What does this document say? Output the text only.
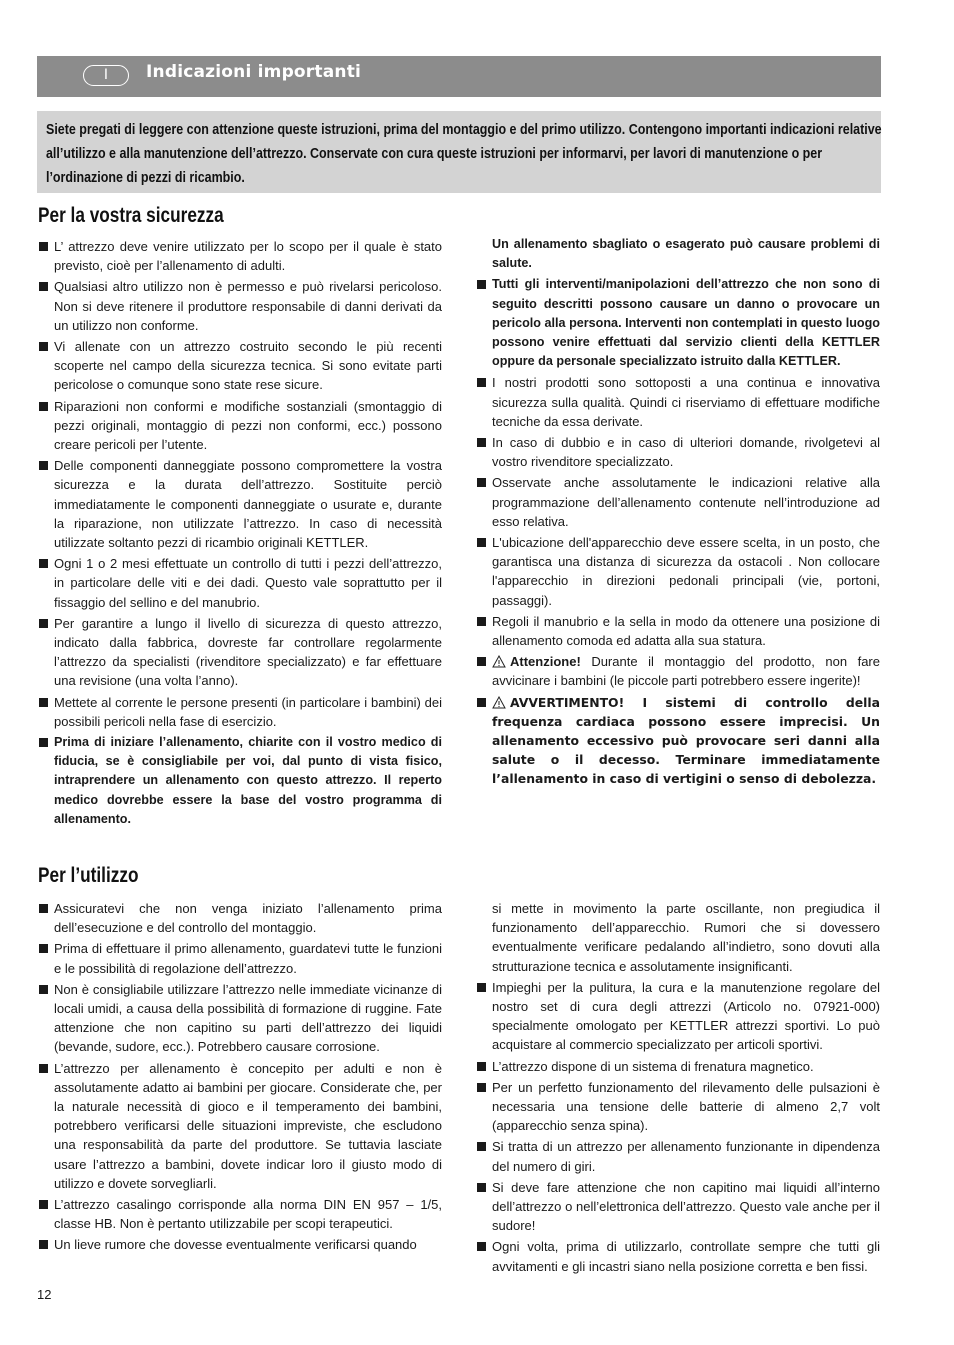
I	Indicazioni importanti

Siete pregati di leggere con attenzione queste istruzioni, prima del montaggio e del primo utilizzo. Contengono importanti indicazioni relative all’utilizzo e alla manutenzione dell’attrezzo. Conservate con cura queste istruzioni per informarvi, per lavori di manutenzione o per l’ordinazione di pezzi di ricambio.

Per la vostra sicurezza
L’ attrezzo deve venire utilizzato per lo scopo per il quale è stato previsto, cioè per l’allenamento di adulti.
Qualsiasi altro utilizzo non è permesso e può rivelarsi pericoloso. Non si deve ritenere il produttore responsabile di danni derivati da un utilizzo non conforme.
Vi allenate con un attrezzo costruito secondo le più recenti scoperte nel campo della sicurezza tecnica. Si sono evitate parti pericolose o comunque sono state rese sicure.
Riparazioni non conformi e modifiche sostanziali (smontaggio di pezzi originali, montaggio di pezzi non conformi, ecc.) possono creare pericoli per l’utente.
Delle componenti danneggiate possono compromettere la vostra sicurezza e la durata dell’attrezzo. Sostituite perciò immediatamente le componenti danneggiate o usurate e, durante la riparazione, non utilizzate l’attrezzo. In caso di necessità utilizzate soltanto pezzi di ricambio originali KETTLER.
Ogni 1 o 2 mesi effettuate un controllo di tutti i pezzi dell’attrezzo, in particolare delle viti e dei dadi. Questo vale soprattutto per il fissaggio del sellino e del manubrio.
Per garantire a lungo il livello di sicurezza di questo attrezzo, indicato dalla fabbrica, dovreste far controllare regolarmente l’attrezzo da specialisti (rivenditore specializzato) e far effettuare una revisione (una volta l’anno).
Mettete al corrente le persone presenti (in particolare i bambini) dei possibili pericoli nella fase di esercizio.
Prima di iniziare l’allenamento, chiarite con il vostro medico di fiducia, se è consigliabile per voi, dal punto di vista fisico, intraprendere un allenamento con questo attrezzo. Il reperto medico dovrebbe essere la base del vostro programma di allenamento.
Un allenamento sbagliato o esagerato può causare problemi di salute.
Tutti gli interventi/manipolazioni dell’attrezzo che non sono di seguito descritti possono causare un danno o provocare un pericolo alla persona. Interventi non contemplati in questo luogo possono venire effettuati dal servizio clienti della KETTLER oppure da personale specializzato istruito dalla KETTLER.
I nostri prodotti sono sottoposti a una continua e innovativa sicurezza sulla qualità. Quindi ci riserviamo di effettuare modifiche tecniche da essa derivate.
In caso di dubbio e in caso di ulteriori domande, rivolgetevi al vostro rivenditore specializzato.
Osservate anche assolutamente le indicazioni relative alla programmazione dell’allenamento contenute nell’introduzione ad esso relativa.
L'ubicazione dell'apparecchio deve essere scelta, in un posto, che garantisca una distanza di sicurezza da ostacoli . Non collocare l'apparecchio in direzioni pedonali principali (vie, portoni, passaggi).
Regoli il manubrio e la sella in modo da ottenere una posizione di allenamento comoda ed adatta alla sua statura.
Attenzione! Durante il montaggio del prodotto, non fare avvicinare i bambini (le piccole parti potrebbero essere ingerite)!
AVVERTIMENTO! I sistemi di controllo della frequenza cardiaca possono essere imprecisi. Un allenamento eccessivo può provocare seri danni alla salute o il decesso. Terminare immediatamente l’allenamento in caso di vertigini o senso di debolezza.
Per l’utilizzo
Assicuratevi che non venga iniziato l’allenamento prima dell’esecuzione e del controllo del montaggio.
Prima di effettuare il primo allenamento, guardatevi tutte le funzioni e le possibilità di regolazione dell’attrezzo.
Non è consigliabile utilizzare l’attrezzo nelle immediate vicinanze di locali umidi, a causa della possibilità di formazione di ruggine. Fate attenzione che non capitino su parti dell’attrezzo dei liquidi (bevande, sudore, ecc.). Potrebbero causare corrosione.
L’attrezzo per allenamento è concepito per adulti e non è assolutamente adatto ai bambini per giocare. Considerate che, per la naturale necessità di gioco e il temperamento dei bambini, potrebbero verificarsi delle situazioni impreviste, che escludono una responsabilità da parte del produttore. Se tuttavia lasciate usare l’attrezzo a bambini, dovete indicar loro il giusto modo di utilizzo e dovete sorvegliarli.
L’attrezzo casalingo corrisponde alla norma DIN EN 957 – 1/5, classe HB. Non è pertanto utilizzabile per scopi terapeutici.
Un lieve rumore che dovesse eventualmente verificarsi quando
si mette in movimento la parte oscillante, non pregiudica il funzionamento dell’apparecchio. Rumori che si dovessero eventualmente verificare pedalando all’indietro, sono dovuti alla strutturazione tecnica e assolutamente insignificanti.
Impieghi per la pulitura, la cura e la manutenzione regolare del nostro set di cura degli attrezzi (Articolo no. 07921-000) specialmente omologato per KETTLER attrezzi sportivi. Lo può acquistare al commercio specializzato per articoli sportivi.
L’attrezzo dispone di un sistema di frenatura magnetico.
Per un perfetto funzionamento del rilevamento delle pulsazioni è necessaria una tensione delle batterie di almeno 2,7 volt (apparecchio senza spina).
Si tratta di un attrezzo per allenamento funzionante in dipendenza del numero di giri.
Si deve fare attenzione che non capitino mai liquidi all’interno dell’attrezzo o nell’elettronica dell’attrezzo. Questo vale anche per il sudore!
Ogni volta, prima di utilizzarlo, controllate sempre che tutti gli avvitamenti e gli incastri siano nella posizione corretta e ben fissi.
12
